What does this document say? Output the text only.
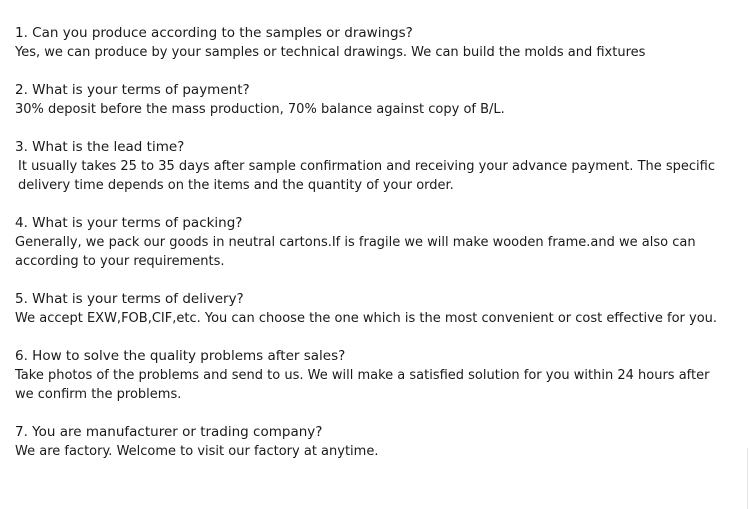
1. Can you produce according to the samples or drawings?
Yes, we can produce by your samples or technical drawings. We can build the molds and fixtures
2. What is your terms of payment?
30% deposit before the mass production, 70% balance against copy of B/L.
3. What is the lead time?
It usually takes 25 to 35 days after sample confirmation and receiving your advance payment. The specific
delivery time depends on the items and the quantity of your order.
4. What is your terms of packing?
Generally, we pack our goods in neutral cartons.If is fragile we will make wooden frame.and we also can
according to your requirements.
5. What is your terms of delivery?
We accept EXW,FOB,CIF,etc. You can choose the one which is the most convenient or cost effective for you.
6. How to solve the quality problems after sales?
Take photos of the problems and send to us. We will make a satisfied solution for you within 24 hours after
we confirm the problems.
7. You are manufacturer or trading company?
We are factory. Welcome to visit our factory at anytime.
